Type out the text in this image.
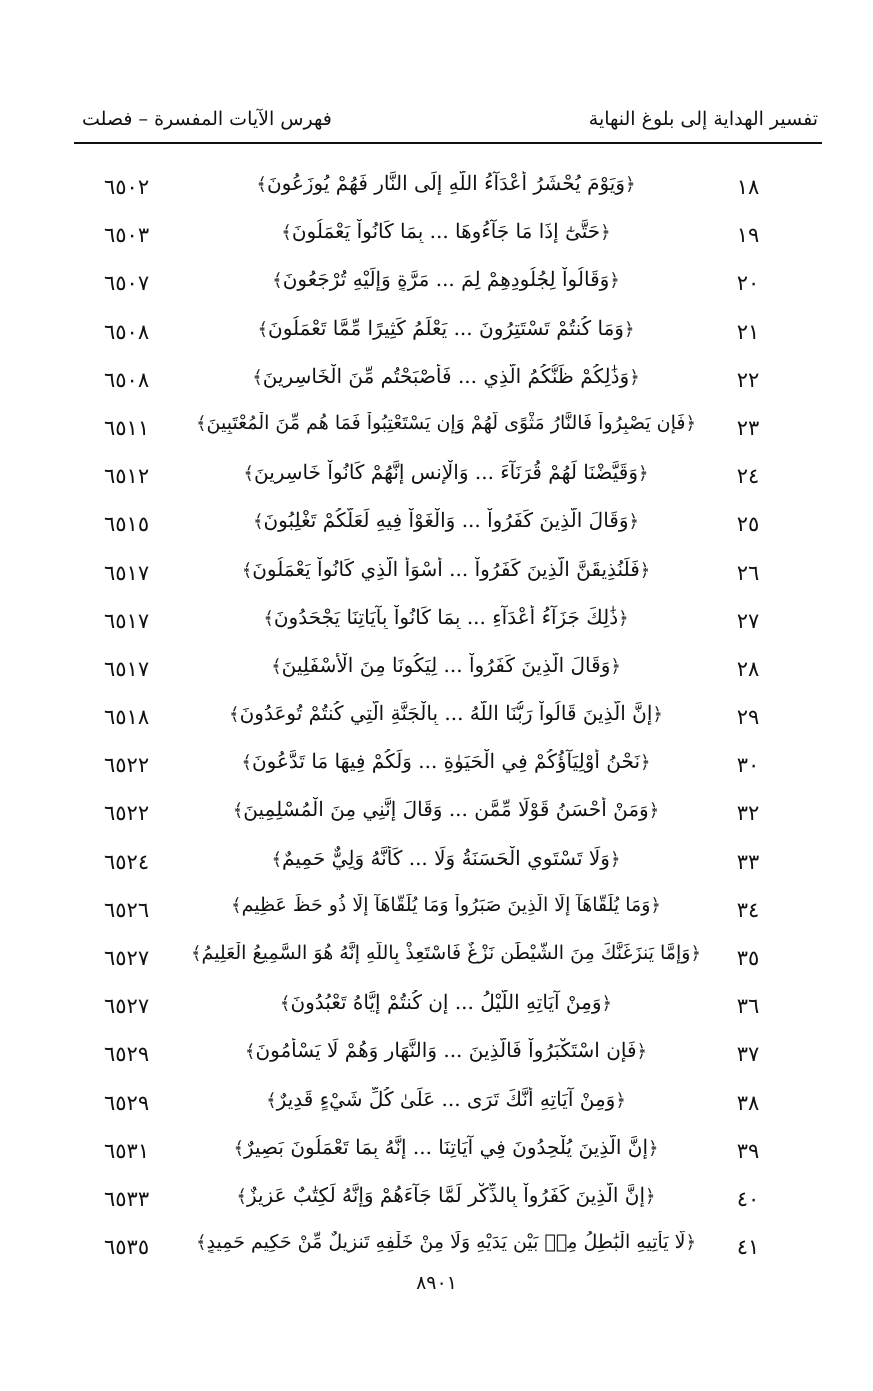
تفسير الهداية إلى بلوغ النهاية
فهرس الآيات المفسرة – فصلت
١٨
﴿وَيَوْمَ يُحْشَرُ أَعْدَآءُ اللَّهِ إِلَى النَّارِ فَهُمْ يُوزَعُونَ﴾
٦٥٠٢
١٩
﴿حَتَّىٰٓ إِذَا مَا جَآءُوهَا ... بِمَا كَانُواْ يَعْمَلُونَ﴾
٦٥٠٣
٢٠
﴿وَقَالُواْ لِجُلُودِهِمْ لِمَ ... مَرَّةٍ وَإِلَيْهِ تُرْجَعُونَ﴾
٦٥٠٧
٢١
﴿وَمَا كُنتُمْ تَسْتَتِرُونَ ... يَعْلَمُ كَثِيرًا مِّمَّا تَعْمَلُونَ﴾
٦٥٠٨
٢٢
﴿وَذَٰلِكُمْ ظَنُّكُمُ الَّذِي ... فَأَصْبَحْتُم مِّنَ الْخَاسِرِينَ﴾
٦٥٠٨
٢٣
﴿فَإِن يَصْبِرُواْ فَالنَّارُ مَثْوًى لَّهُمْ وَإِن يَسْتَعْتِبُواْ فَمَا هُم مِّنَ الْمُعْتَبِينَ﴾
٦٥١١
٢٤
﴿وَقَيَّضْنَا لَهُمْ قُرَنَآءَ ... وَالْإِنسِ إِنَّهُمْ كَانُواْ خَاسِرِينَ﴾
٦٥١٢
٢٥
﴿وَقَالَ الَّذِينَ كَفَرُواْ ... وَالْغَوْاْ فِيهِ لَعَلَّكُمْ تَغْلِبُونَ﴾
٦٥١٥
٢٦
﴿فَلَنُذِيقَنَّ الَّذِينَ كَفَرُواْ ... أَسْوَأَ الَّذِي كَانُواْ يَعْمَلُونَ﴾
٦٥١٧
٢٧
﴿ذَٰلِكَ جَزَآءُ أَعْدَآءِ ... بِمَا كَانُواْ بِآيَاتِنَا يَجْحَدُونَ﴾
٦٥١٧
٢٨
﴿وَقَالَ الَّذِينَ كَفَرُواْ ... لِيَكُونَا مِنَ الْأَسْفَلِينَ﴾
٦٥١٧
٢٩
﴿إِنَّ الَّذِينَ قَالُواْ رَبُّنَا اللَّهُ ... بِالْجَنَّةِ الَّتِي كُنتُمْ تُوعَدُونَ﴾
٦٥١٨
٣٠
﴿نَحْنُ أَوْلِيَآؤُكُمْ فِي الْحَيَوٰةِ ... وَلَكُمْ فِيهَا مَا تَدَّعُونَ﴾
٦٥٢٢
٣٢
﴿وَمَنْ أَحْسَنُ قَوْلًا مِّمَّن ... وَقَالَ إِنَّنِي مِنَ الْمُسْلِمِينَ﴾
٦٥٢٢
٣٣
﴿وَلَا تَسْتَوِي الْحَسَنَةُ وَلَا ... كَأَنَّهُ وَلِيٌّ حَمِيمٌ﴾
٦٥٢٤
٣٤
﴿وَمَا يُلَقَّاهَآ إِلَّا الَّذِينَ صَبَرُواْ وَمَا يُلَقَّاهَآ إِلَّا ذُو حَظٍّ عَظِيمٍ﴾
٦٥٢٦
٣٥
﴿وَإِمَّا يَنزَغَنَّكَ مِنَ الشَّيْطَٰنِ نَزْغٌ فَاسْتَعِذْ بِاللَّهِ إِنَّهُ هُوَ السَّمِيعُ الْعَلِيمُ﴾
٦٥٢٧
٣٦
﴿وَمِنْ آيَاتِهِ اللَّيْلُ ... إِن كُنتُمْ إِيَّاهُ تَعْبُدُونَ﴾
٦٥٢٧
٣٧
﴿فَإِنِ اسْتَكْبَرُواْ فَالَّذِينَ ... وَالنَّهَارِ وَهُمْ لَا يَسْأَمُونَ﴾
٦٥٢٩
٣٨
﴿وَمِنْ آيَاتِهِ أَنَّكَ تَرَى ... عَلَىٰ كُلِّ شَيْءٍ قَدِيرٌ﴾
٦٥٢٩
٣٩
﴿إِنَّ الَّذِينَ يُلْحِدُونَ فِي آيَاتِنَا ... إِنَّهُ بِمَا تَعْمَلُونَ بَصِيرٌ﴾
٦٥٣١
٤٠
﴿إِنَّ الَّذِينَ كَفَرُواْ بِالذِّكْرِ لَمَّا جَآءَهُمْ وَإِنَّهُ لَكِتَٰبٌ عَزِيزٌ﴾
٦٥٣٣
٤١
﴿لَّا يَأْتِيهِ الْبَٰطِلُ مِنۢ بَيْنِ يَدَيْهِ وَلَا مِنْ خَلْفِهِ تَنزِيلٌ مِّنْ حَكِيمٍ حَمِيدٍ﴾
٦٥٣٥
٨٩٠١
